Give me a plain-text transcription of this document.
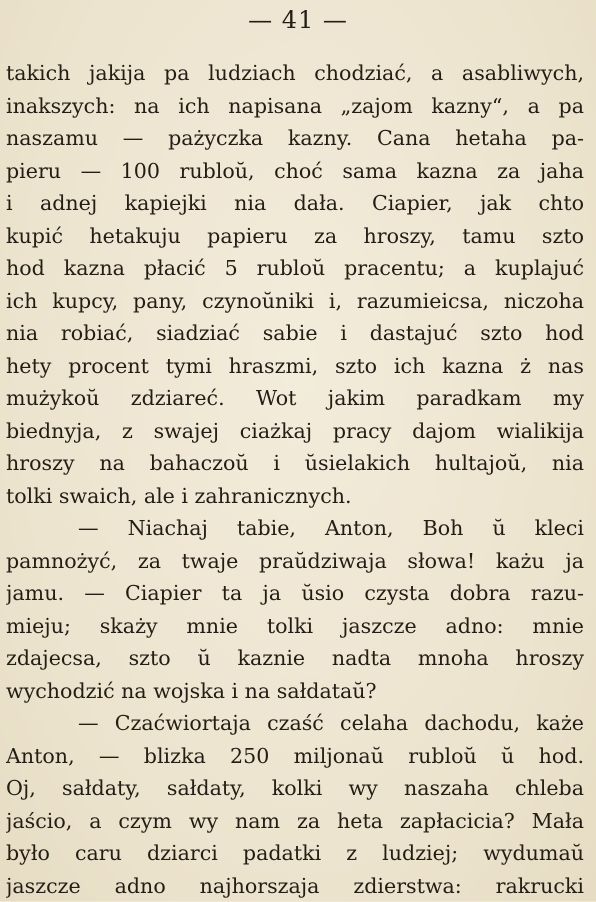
— 41 —
takich jakija pa ludziach chodziać, a asabliwych,
inakszych: na ich napisana „zajom kazny“, a pa
naszamu — pażyczka kazny. Cana hetaha pa-
pieru — 100 rubloŭ, choć sama kazna za jaha
i adnej kapiejki nia dała. Ciapier, jak chto
kupić hetakuju papieru za hroszy, tamu szto
hod kazna płacić 5 rubloŭ pracentu; a kuplajuć
ich kupcy, pany, czynoŭniki i, razumieicsa, niczoha
nia robiać, siadziać sabie i dastajuć szto hod
hety procent tymi hraszmi, szto ich kazna ż nas
mużykoŭ zdziareć. Wot jakim paradkam my
biednyja, z swajej ciażkaj pracy dajom wialikija
hroszy na bahaczoŭ i ŭsielakich hultajoŭ, nia
tolki swaich, ale i zahranicznych.
— Niachaj tabie, Anton, Boh ŭ kleci
pamnożyć, za twaje praŭdziwaja słowa! każu ja
jamu. — Ciapier ta ja ŭsio czysta dobra razu-
mieju; skaży mnie tolki jaszcze adno: mnie
zdajecsa, szto ŭ kaznie nadta mnoha hroszy
wychodzić na wojska i na sałdataŭ?
— Czaćwiortaja czaść celaha dachodu, każe
Anton, — blizka 250 miljonaŭ rubloŭ ŭ hod.
Oj, sałdaty, sałdaty, kolki wy naszaha chleba
jaścio, a czym wy nam za heta zapłacicia? Mała
było caru dziarci padatki z ludziej; wydumaŭ
jaszcze adno najhorszaja zdierstwa: rakrucki
